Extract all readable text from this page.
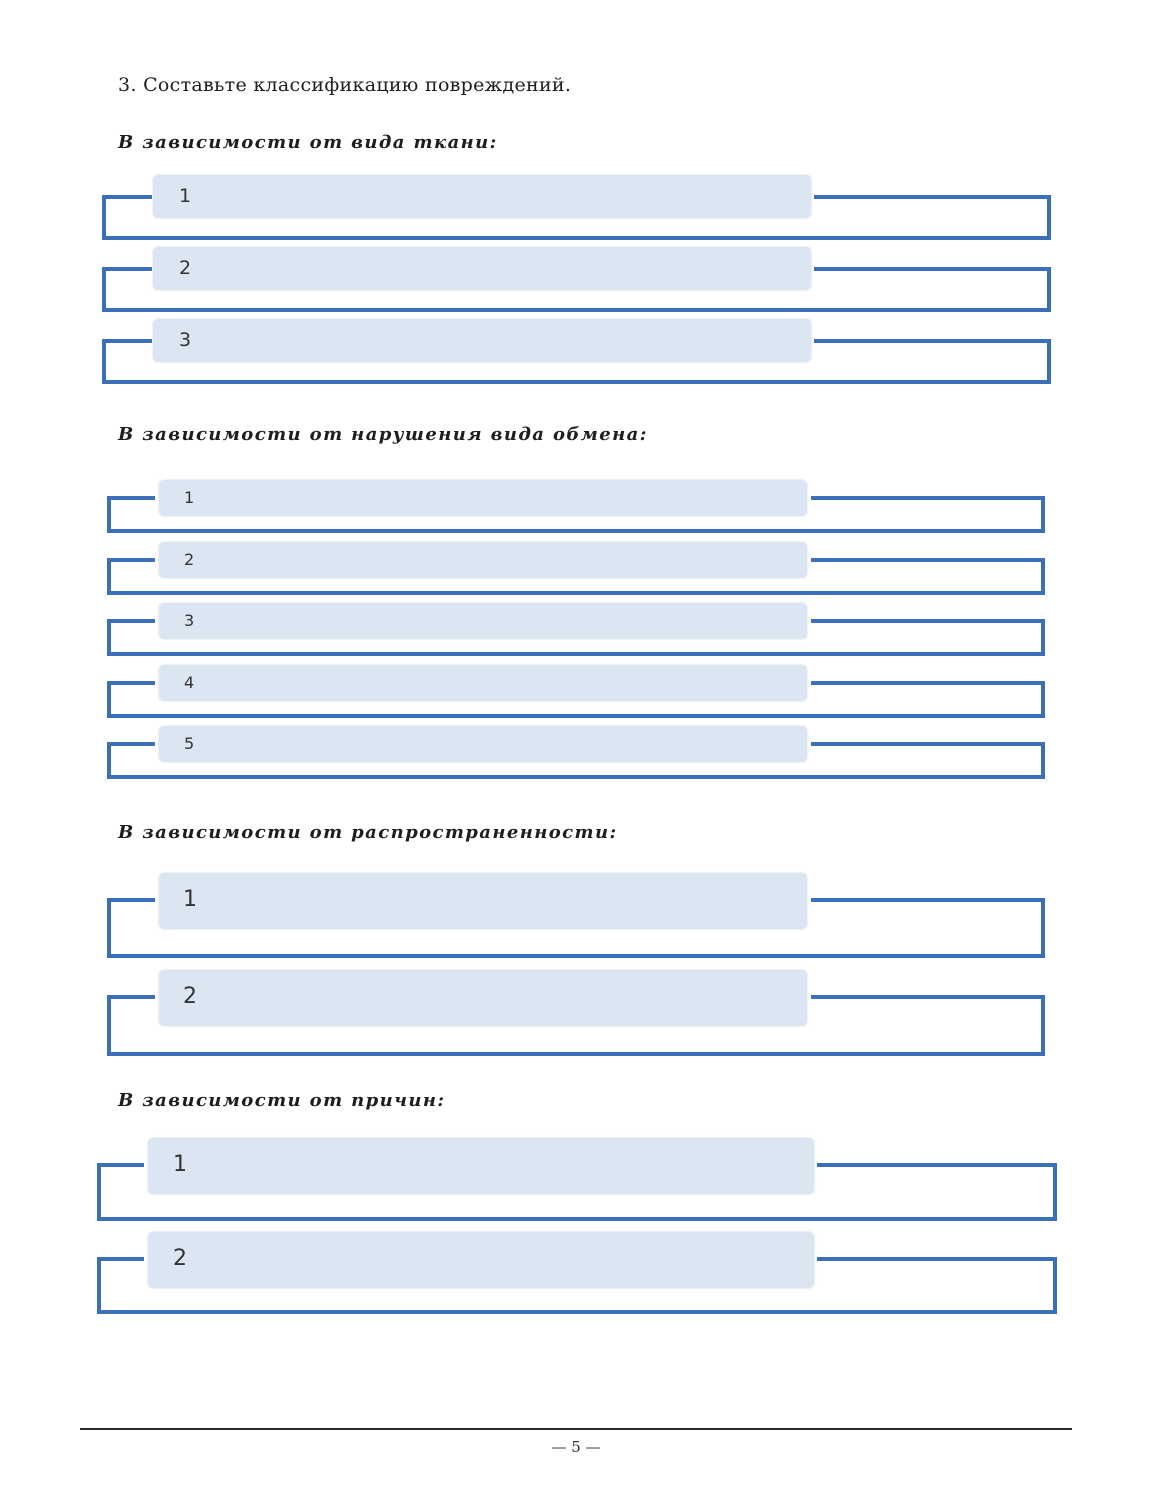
3. Составьте классификацию повреждений.
В зависимости от вида ткани:
1
2
3
В зависимости от нарушения вида обмена:
1
2
3
4
5
В зависимости от распространенности:
1
2
В зависимости от причин:
1
2
— 5 —
